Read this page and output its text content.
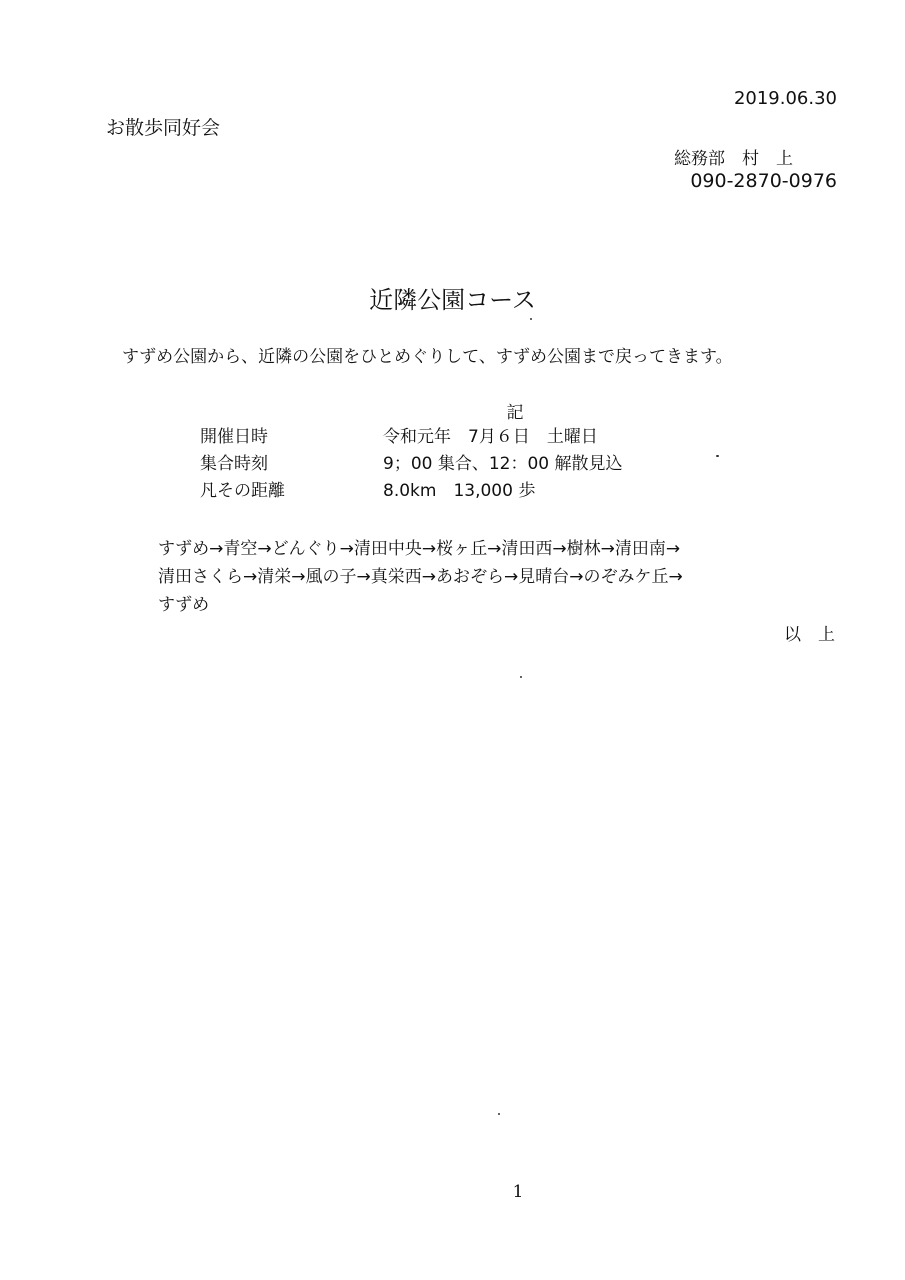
2019.06.30
お散歩同好会
総務部　村　上
090-2870-0976
近隣公園コース
すずめ公園から、近隣の公園をひとめぐりして、すずめ公園まで戻ってきます。
記
開催日時	令和元年　7月６日　土曜日
集合時刻	9；00 集合、12：00 解散見込
凡その距離	8.0km　13,000 歩
すずめ→青空→どんぐり→清田中央→桜ヶ丘→清田西→樹林→清田南→
清田さくら→清栄→風の子→真栄西→あおぞら→見晴台→のぞみケ丘→
すずめ
以　上
1
